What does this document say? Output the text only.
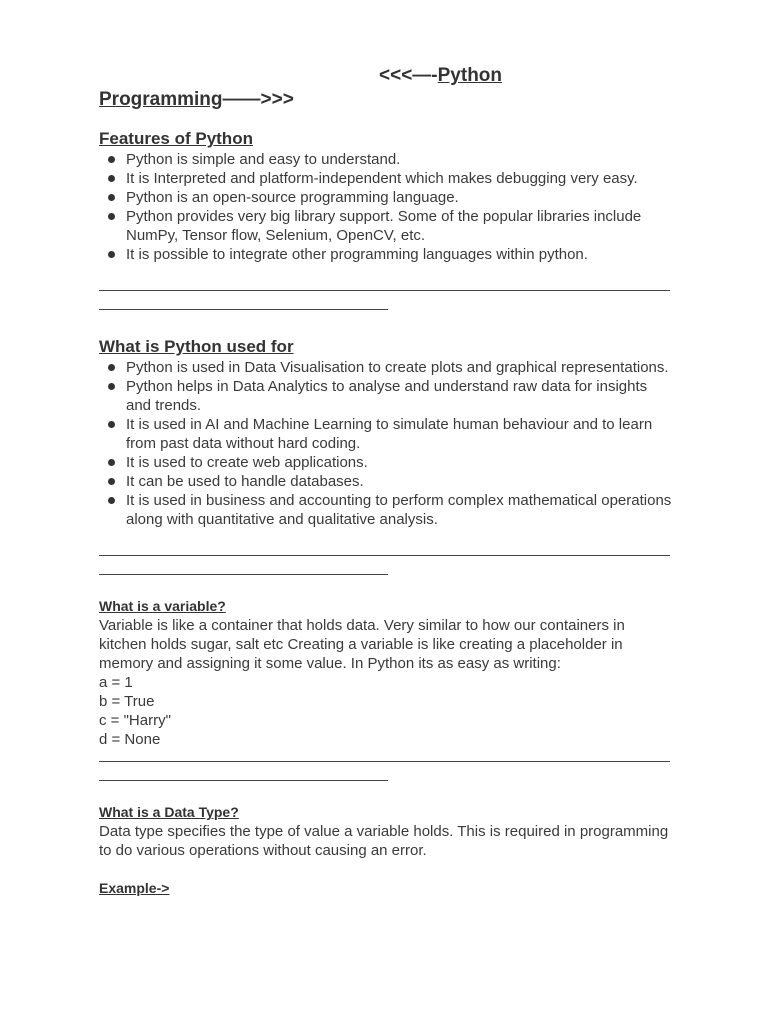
<<<—-Python
Programming——>>>
Features of Python
Python is simple and easy to understand.
It is Interpreted and platform-independent which makes debugging very easy.
Python is an open-source programming language.
Python provides very big library support. Some of the popular libraries include NumPy, Tensor flow, Selenium, OpenCV, etc.
It is possible to integrate other programming languages within python.
What is Python used for
Python is used in Data Visualisation to create plots and graphical representations.
Python helps in Data Analytics to analyse and understand raw data for insights and trends.
It is used in AI and Machine Learning to simulate human behaviour and to learn from past data without hard coding.
It is used to create web applications.
It can be used to handle databases.
It is used in business and accounting to perform complex mathematical operations along with quantitative and qualitative analysis.
What is a variable?

Variable is like a container that holds data. Very similar to how our containers in kitchen holds sugar, salt etc Creating a variable is like creating a placeholder in memory and assigning it some value. In Python its as easy as writing:

a = 1
b = True
c = "Harry"
d = None
What is a Data Type?

Data type specifies the type of value a variable holds. This is required in programming to do various operations without causing an error.

Example->
